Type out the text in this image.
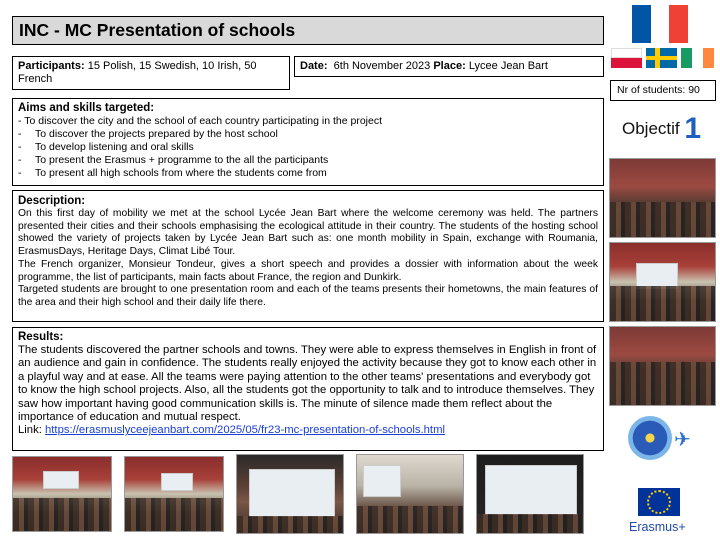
INC - MC Presentation of schools
Participants: 15 Polish, 15 Swedish, 10 Irish, 50 French
Date: 6th November 2023 Place: Lycee Jean Bart
Nr of students: 90
Aims and skills targeted:
- To discover the city and the school of each country participating in the project
- To discover the projects prepared by the host school
- To develop listening and oral skills
- To present the Erasmus + programme to the all the participants
- To present all high schools from where the students come from
Description:

On this first day of mobility we met at the school Lycée Jean Bart where the welcome ceremony was held. The partners presented their cities and their schools emphasising the ecological attitude in their country. The students of the hosting school showed the variety of projects taken by Lycée Jean Bart such as: one month mobility in Spain, exchange with Roumania, ErasmusDays, Heritage Days, Climat Libé Tour.

The French organizer, Monsieur Tondeur, gives a short speech and provides a dossier with information about the week programme, the list of participants, main facts about France, the region and Dunkirk.

Targeted students are brought to one presentation room and each of the teams presents their hometowns, the main features of the area and their high school and their daily life there.

Results:

The students discovered the partner schools and towns. They were able to express themselves in English in front of an audience and gain in confidence. The students really enjoyed the activity because they got to know each other in a playful way and at ease. All the teams were paying attention to the other teams' presentations and everybody got to know the high school projects. Also, all the students got the opportunity to talk and to introduce themselves. They saw how important having good communication skills is. The minute of silence made them reflect about the importance of education and mutual respect.

Link: https://erasmuslyceejeanbart.com/2025/05/fr23-mc-presentation-of-schools.html

Objectif 1
✈
Erasmus+
